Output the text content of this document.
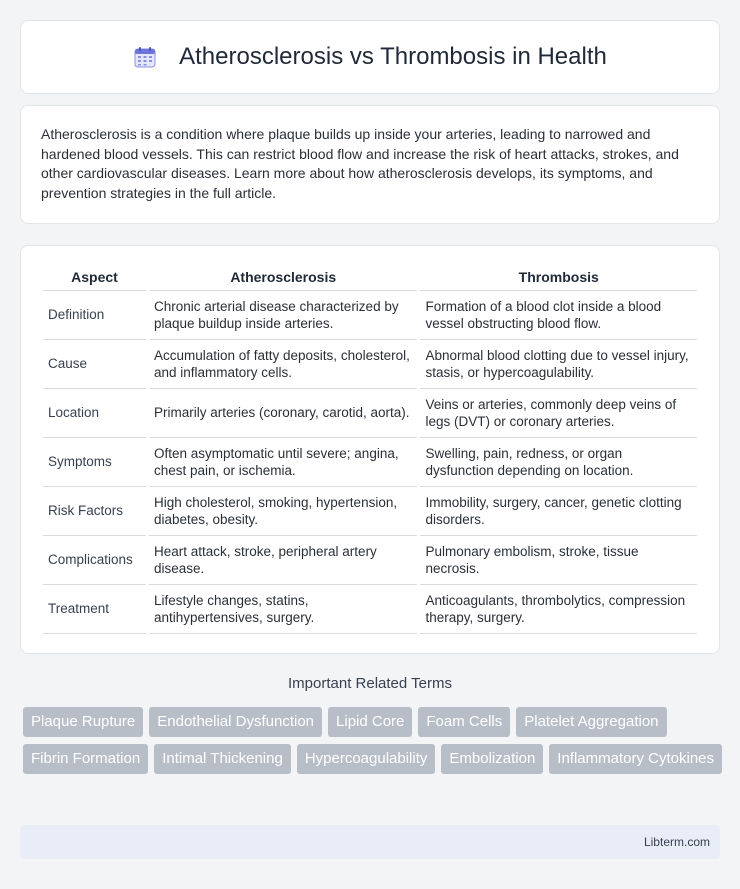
Atherosclerosis vs Thrombosis in Health

Atherosclerosis is a condition where plaque builds up inside your arteries, leading to narrowed and hardened blood vessels. This can restrict blood flow and increase the risk of heart attacks, strokes, and other cardiovascular diseases. Learn more about how atherosclerosis develops, its symptoms, and prevention strategies in the full article.

Aspect	Atherosclerosis	Thrombosis
Definition	Chronic arterial disease characterized by plaque buildup inside arteries.	Formation of a blood clot inside a blood vessel obstructing blood flow.
Cause	Accumulation of fatty deposits, cholesterol, and inflammatory cells.	Abnormal blood clotting due to vessel injury, stasis, or hypercoagulability.
Location	Primarily arteries (coronary, carotid, aorta).	Veins or arteries, commonly deep veins of legs (DVT) or coronary arteries.
Symptoms	Often asymptomatic until severe; angina, chest pain, or ischemia.	Swelling, pain, redness, or organ dysfunction depending on location.
Risk Factors	High cholesterol, smoking, hypertension, diabetes, obesity.	Immobility, surgery, cancer, genetic clotting disorders.
Complications	Heart attack, stroke, peripheral artery disease.	Pulmonary embolism, stroke, tissue necrosis.
Treatment	Lifestyle changes, statins, antihypertensives, surgery.	Anticoagulants, thrombolytics, compression therapy, surgery.
Important Related Terms
Plaque Rupture	Endothelial Dysfunction	Lipid Core	Foam Cells	Platelet Aggregation
Fibrin Formation	Intimal Thickening	Hypercoagulability	Embolization	Inflammatory Cytokines
Libterm.com
